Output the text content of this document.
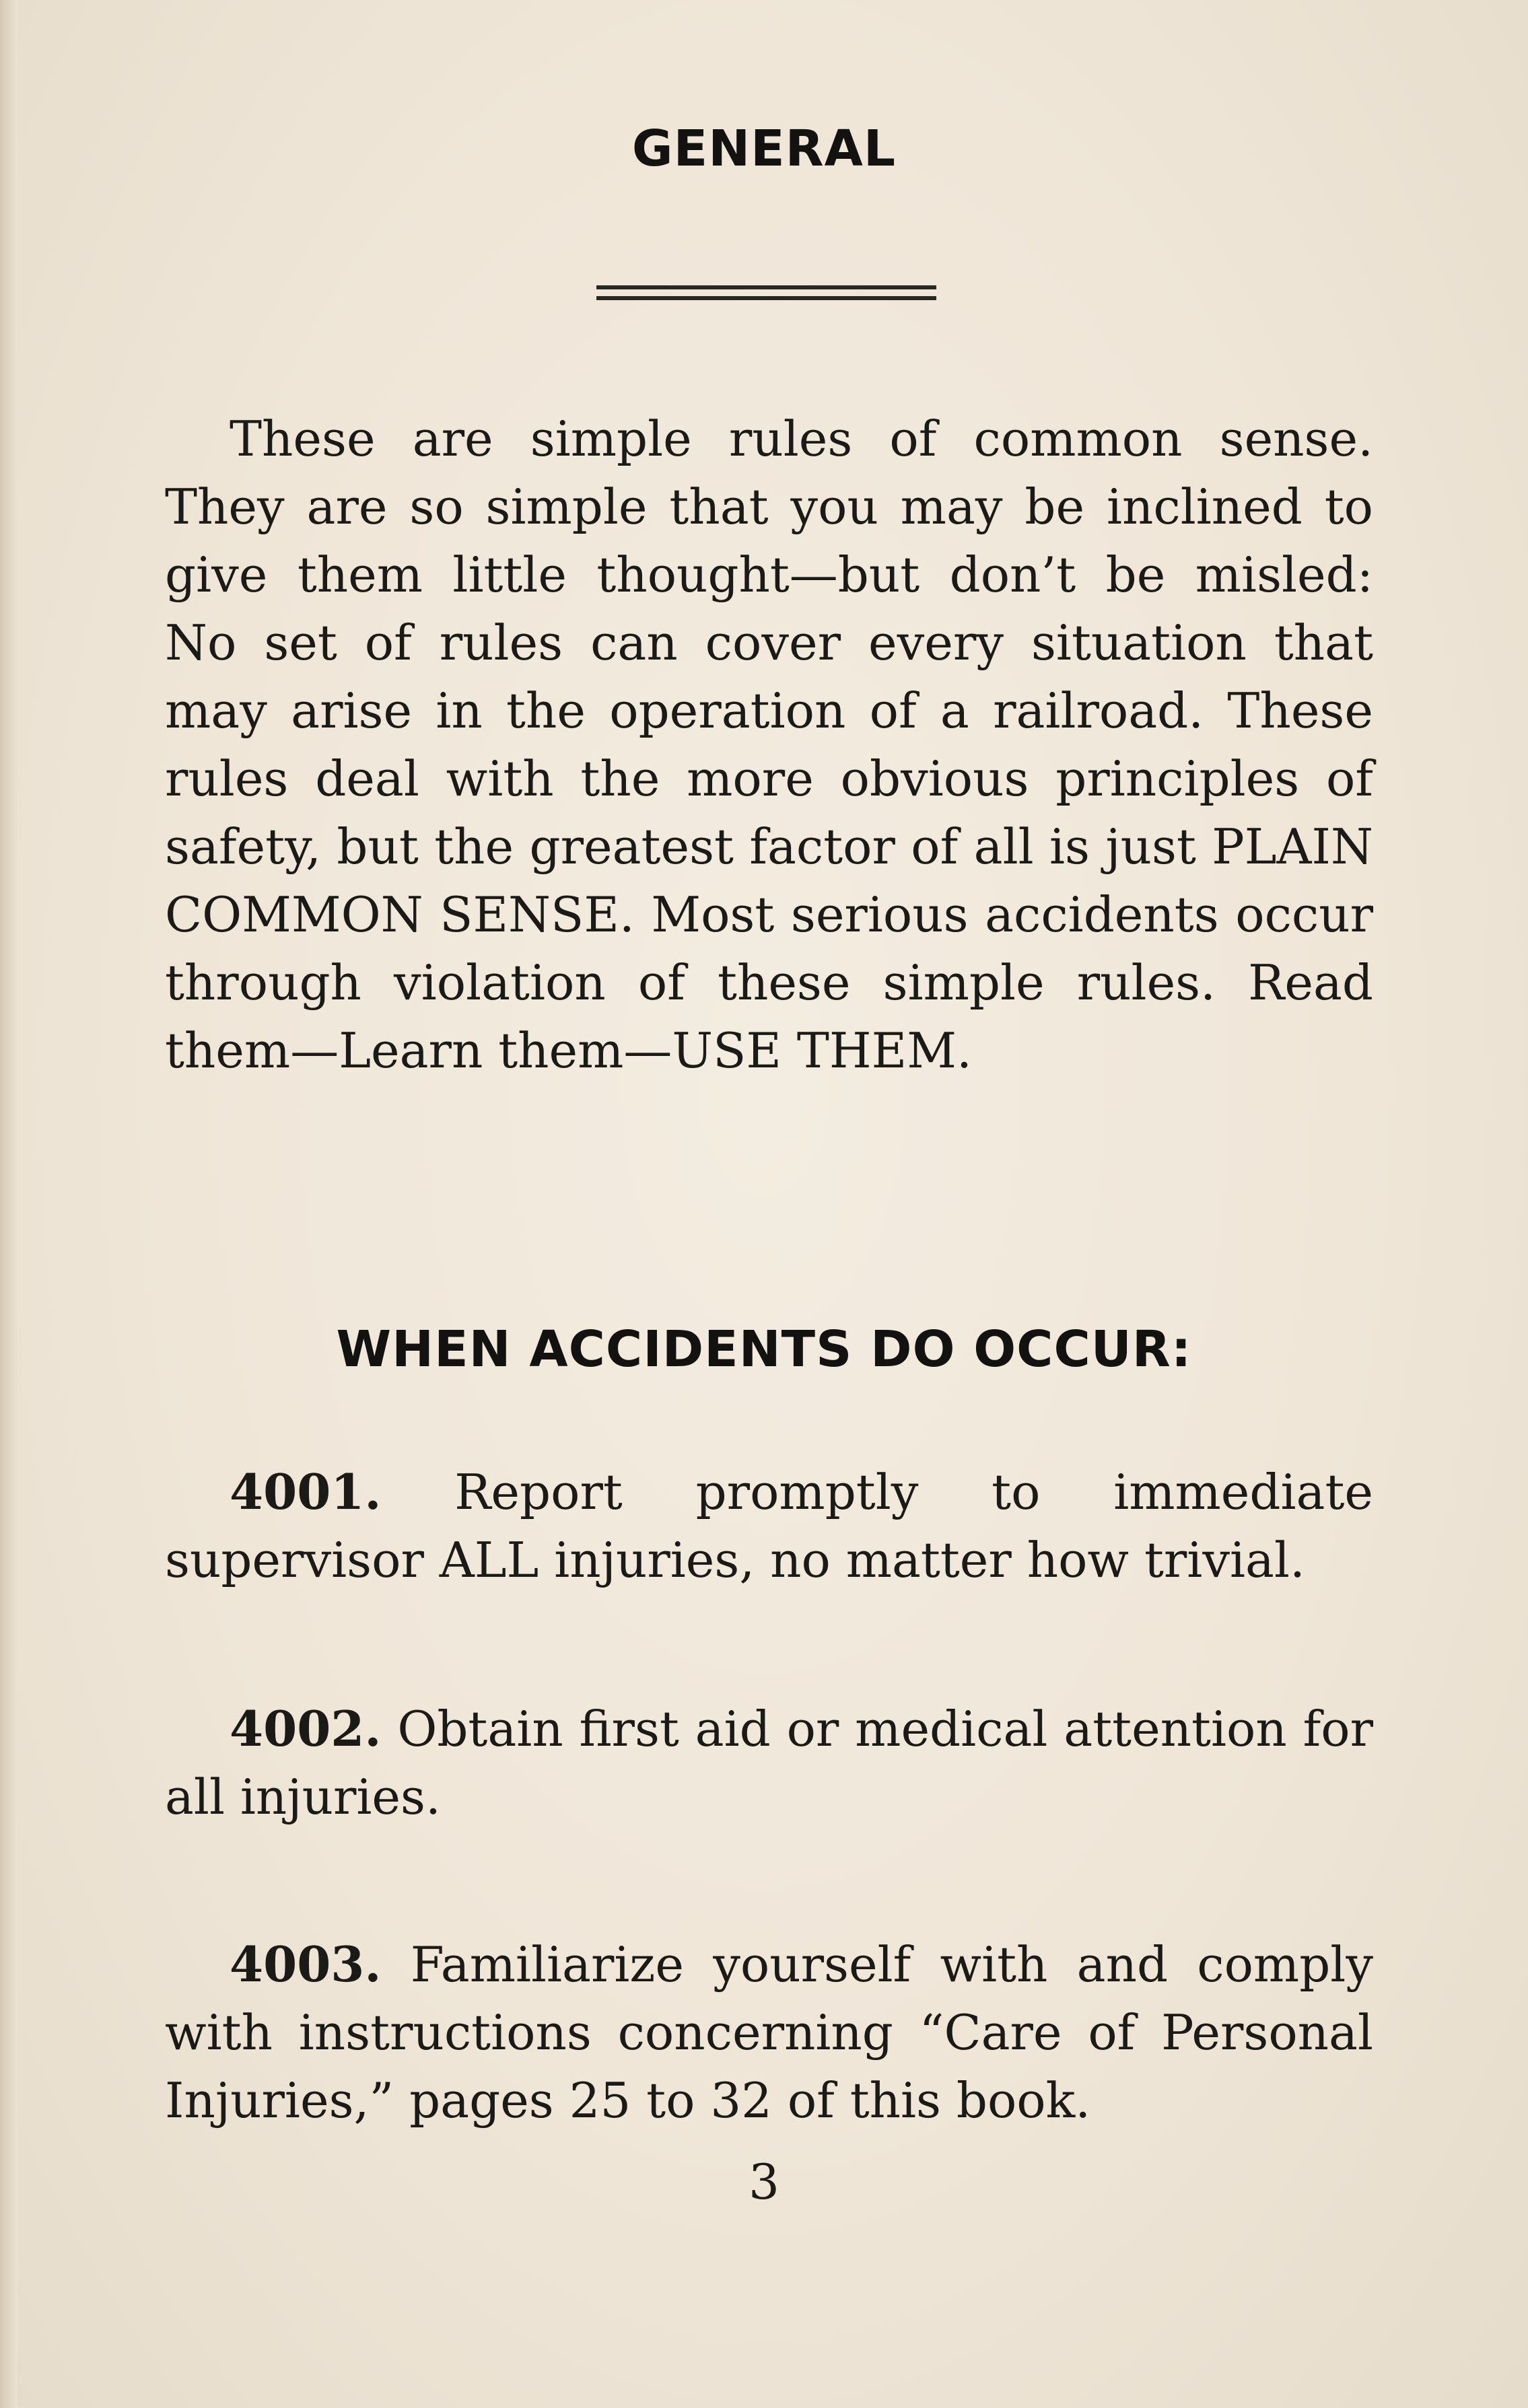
GENERAL

These are simple rules of common sense. They are so simple that you may be inclined to give them little thought—but don’t be misled: No set of rules can cover every situation that may arise in the operation of a railroad. These rules deal with the more obvious principles of safety, but the greatest factor of all is just PLAIN COMMON SENSE. Most serious accidents occur through violation of these simple rules. Read them—Learn them—USE THEM.

WHEN ACCIDENTS DO OCCUR:

4001. Report promptly to immediate supervisor ALL injuries, no matter how trivial.

4002. Obtain first aid or medical attention for all injuries.

4003. Familiarize yourself with and comply with instructions concerning “Care of Personal Injuries,” pages 25 to 32 of this book.

3
